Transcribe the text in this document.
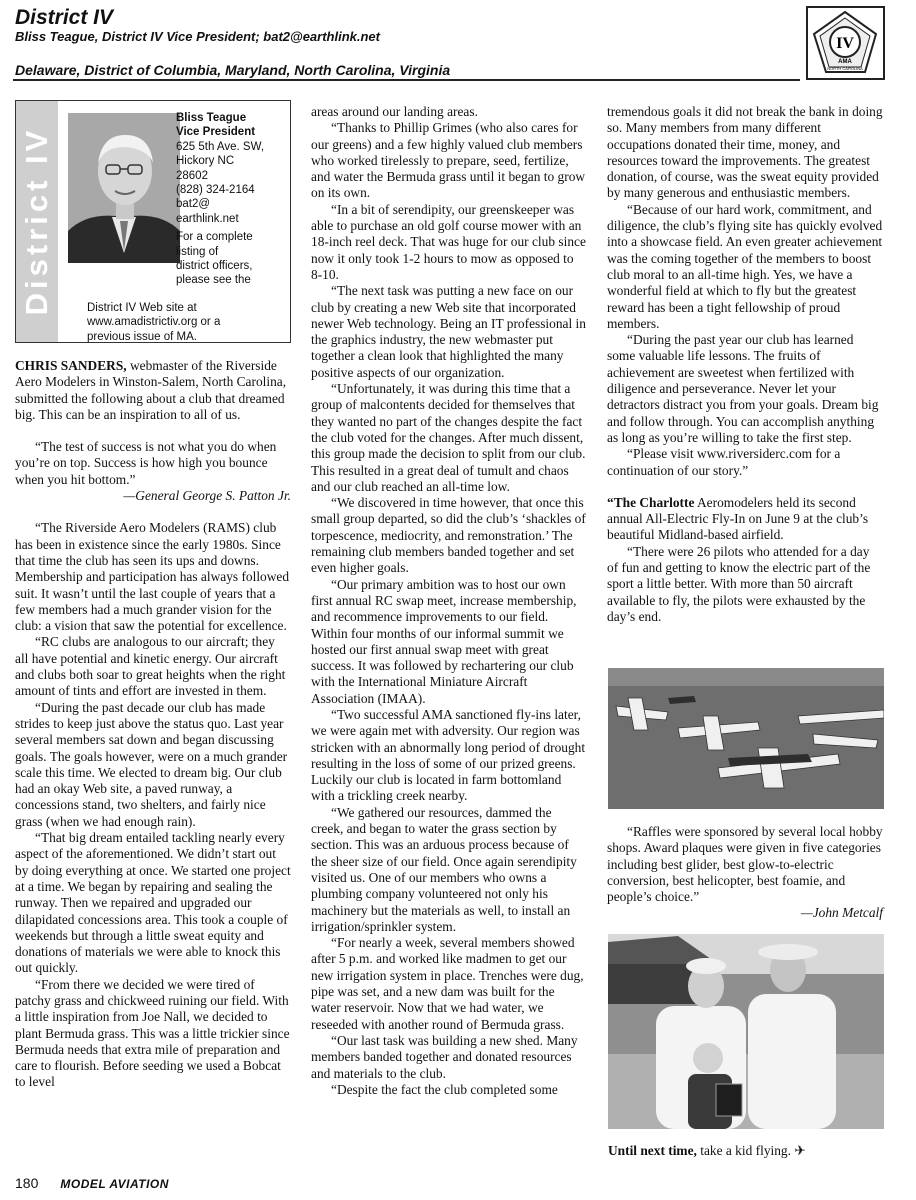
District IV
Bliss Teague, District IV Vice President; bat2@earthlink.net
Delaware, District of Columbia, Maryland, North Carolina, Virginia
IV
AMA
NORTH CAROLINA
District IV
Bliss Teague
Vice President
625 5th Ave. SW,
Hickory NC
28602
(828) 324-2164
bat2@
earthlink.net
For a complete
listing of
district officers,
please see the
District IV Web site at
www.amadistrictiv.org or a
previous issue of MA.

CHRIS SANDERS, webmaster of the Riverside Aero Modelers in Winston-Salem, North Carolina, submitted the following about a club that dreamed big. This can be an inspiration to all of us.

“The test of success is not what you do when you’re on top. Success is how high you bounce when you hit bottom.”

—General George S. Patton Jr.

“The Riverside Aero Modelers (RAMS) club has been in existence since the early 1980s. Since that time the club has seen its ups and downs. Membership and participation has always followed suit. It wasn’t until the last couple of years that a few members had a much grander vision for the club: a vision that saw the potential for excellence.

“RC clubs are analogous to our aircraft; they all have potential and kinetic energy. Our aircraft and clubs both soar to great heights when the right amount of tints and effort are invested in them.

“During the past decade our club has made strides to keep just above the status quo. Last year several members sat down and began discussing goals. The goals however, were on a much grander scale this time. We elected to dream big. Our club had an okay Web site, a paved runway, a concessions stand, two shelters, and fairly nice grass (when we had enough rain).

“That big dream entailed tackling nearly every aspect of the aforementioned. We didn’t start out by doing everything at once. We started one project at a time. We began by repairing and sealing the runway. Then we repaired and upgraded our dilapidated concessions area. This took a couple of weekends but through a little sweat equity and donations of materials we were able to knock this out quickly.

“From there we decided we were tired of patchy grass and chickweed ruining our field. With a little inspiration from Joe Nall, we decided to plant Bermuda grass. This was a little trickier since Bermuda needs that extra mile of preparation and care to flourish. Before seeding we used a Bobcat to level

areas around our landing areas.

“Thanks to Phillip Grimes (who also cares for our greens) and a few highly valued club members who worked tirelessly to prepare, seed, fertilize, and water the Bermuda grass until it began to grow on its own.

“In a bit of serendipity, our greenskeeper was able to purchase an old golf course mower with an 18-inch reel deck. That was huge for our club since now it only took 1-2 hours to mow as opposed to 8-10.

“The next task was putting a new face on our club by creating a new Web site that incorporated newer Web technology. Being an IT professional in the graphics industry, the new webmaster put together a clean look that highlighted the many positive aspects of our organization.

“Unfortunately, it was during this time that a group of malcontents decided for themselves that they wanted no part of the changes despite the fact the club voted for the changes. After much dissent, this group made the decision to split from our club. This resulted in a great deal of tumult and chaos and our club reached an all-time low.

“We discovered in time however, that once this small group departed, so did the club’s ‘shackles of torpescence, mediocrity, and remonstration.’ The remaining club members banded together and set even higher goals.

“Our primary ambition was to host our own first annual RC swap meet, increase membership, and recommence improvements to our field. Within four months of our informal summit we hosted our first annual swap meet with great success. It was followed by rechartering our club with the International Miniature Aircraft Association (IMAA).

“Two successful AMA sanctioned fly-ins later, we were again met with adversity. Our region was stricken with an abnormally long period of drought resulting in the loss of some of our prized greens. Luckily our club is located in farm bottomland with a trickling creek nearby.

“We gathered our resources, dammed the creek, and began to water the grass section by section. This was an arduous process because of the sheer size of our field. Once again serendipity visited us. One of our members who owns a plumbing company volunteered not only his machinery but the materials as well, to install an irrigation/sprinkler system.

“For nearly a week, several members showed after 5 p.m. and worked like madmen to get our new irrigation system in place. Trenches were dug, pipe was set, and a new dam was built for the water reservoir. Now that we had water, we reseeded with another round of Bermuda grass.

“Our last task was building a new shed. Many members banded together and donated resources and materials to the club.

“Despite the fact the club completed some

tremendous goals it did not break the bank in doing so. Many members from many different occupations donated their time, money, and resources toward the improvements. The greatest donation, of course, was the sweat equity provided by many generous and enthusiastic members.

“Because of our hard work, commitment, and diligence, the club’s flying site has quickly evolved into a showcase field. An even greater achievement was the coming together of the members to boost club moral to an all-time high. Yes, we have a wonderful field at which to fly but the greatest reward has been a tight fellowship of proud members.

“During the past year our club has learned some valuable life lessons. The fruits of achievement are sweetest when fertilized with diligence and perseverance. Never let your detractors distract you from your goals. Dream big and follow through. You can accomplish anything as long as you’re willing to take the first step.

“Please visit www.riversiderc.com for a continuation of our story.”

“The Charlotte Aeromodelers held its second annual All-Electric Fly-In on June 9 at the club’s beautiful Midland-based airfield.

“There were 26 pilots who attended for a day of fun and getting to know the electric part of the sport a little better. With more than 50 aircraft available to fly, the pilots were exhausted by the day’s end.

“Raffles were sponsored by several local hobby shops. Award plaques were given in five categories including best glider, best glow-to-electric conversion, best helicopter, best foamie, and people’s choice.”

—John Metcalf

Until next time, take a kid flying. ✈
180 MODEL AVIATION
